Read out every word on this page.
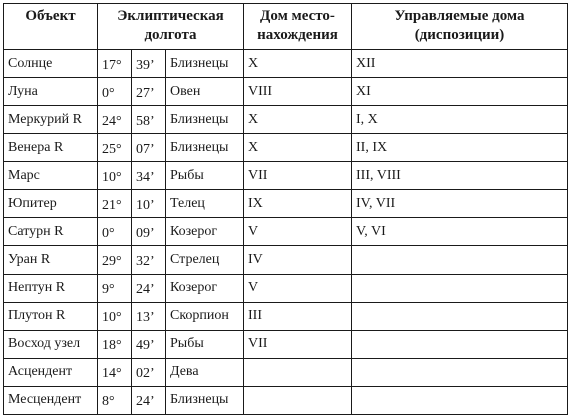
Объект	Эклиптическая долгота			Дом место-нахождения	Управляемые дома (диспозиции)
Солнце	17°	39’	Близнецы	X	XII
Луна	0°	27’	Овен	VIII	XI
Меркурий R	24°	58’	Близнецы	X	I, X
Венера R	25°	07’	Близнецы	X	II, IX
Марс	10°	34’	Рыбы	VII	III, VIII
Юпитер	21°	10’	Телец	IX	IV, VII
Сатурн R	0°	09’	Козерог	V	V, VI
Уран R	29°	32’	Стрелец	IV	
Нептун R	9°	24’	Козерог	V	
Плутон R	10°	13’	Скорпион	III	
Восход узел	18°	49’	Рыбы	VII	
Асцендент	14°	02’	Дева		
Месцендент	8°	24’	Близнецы		
